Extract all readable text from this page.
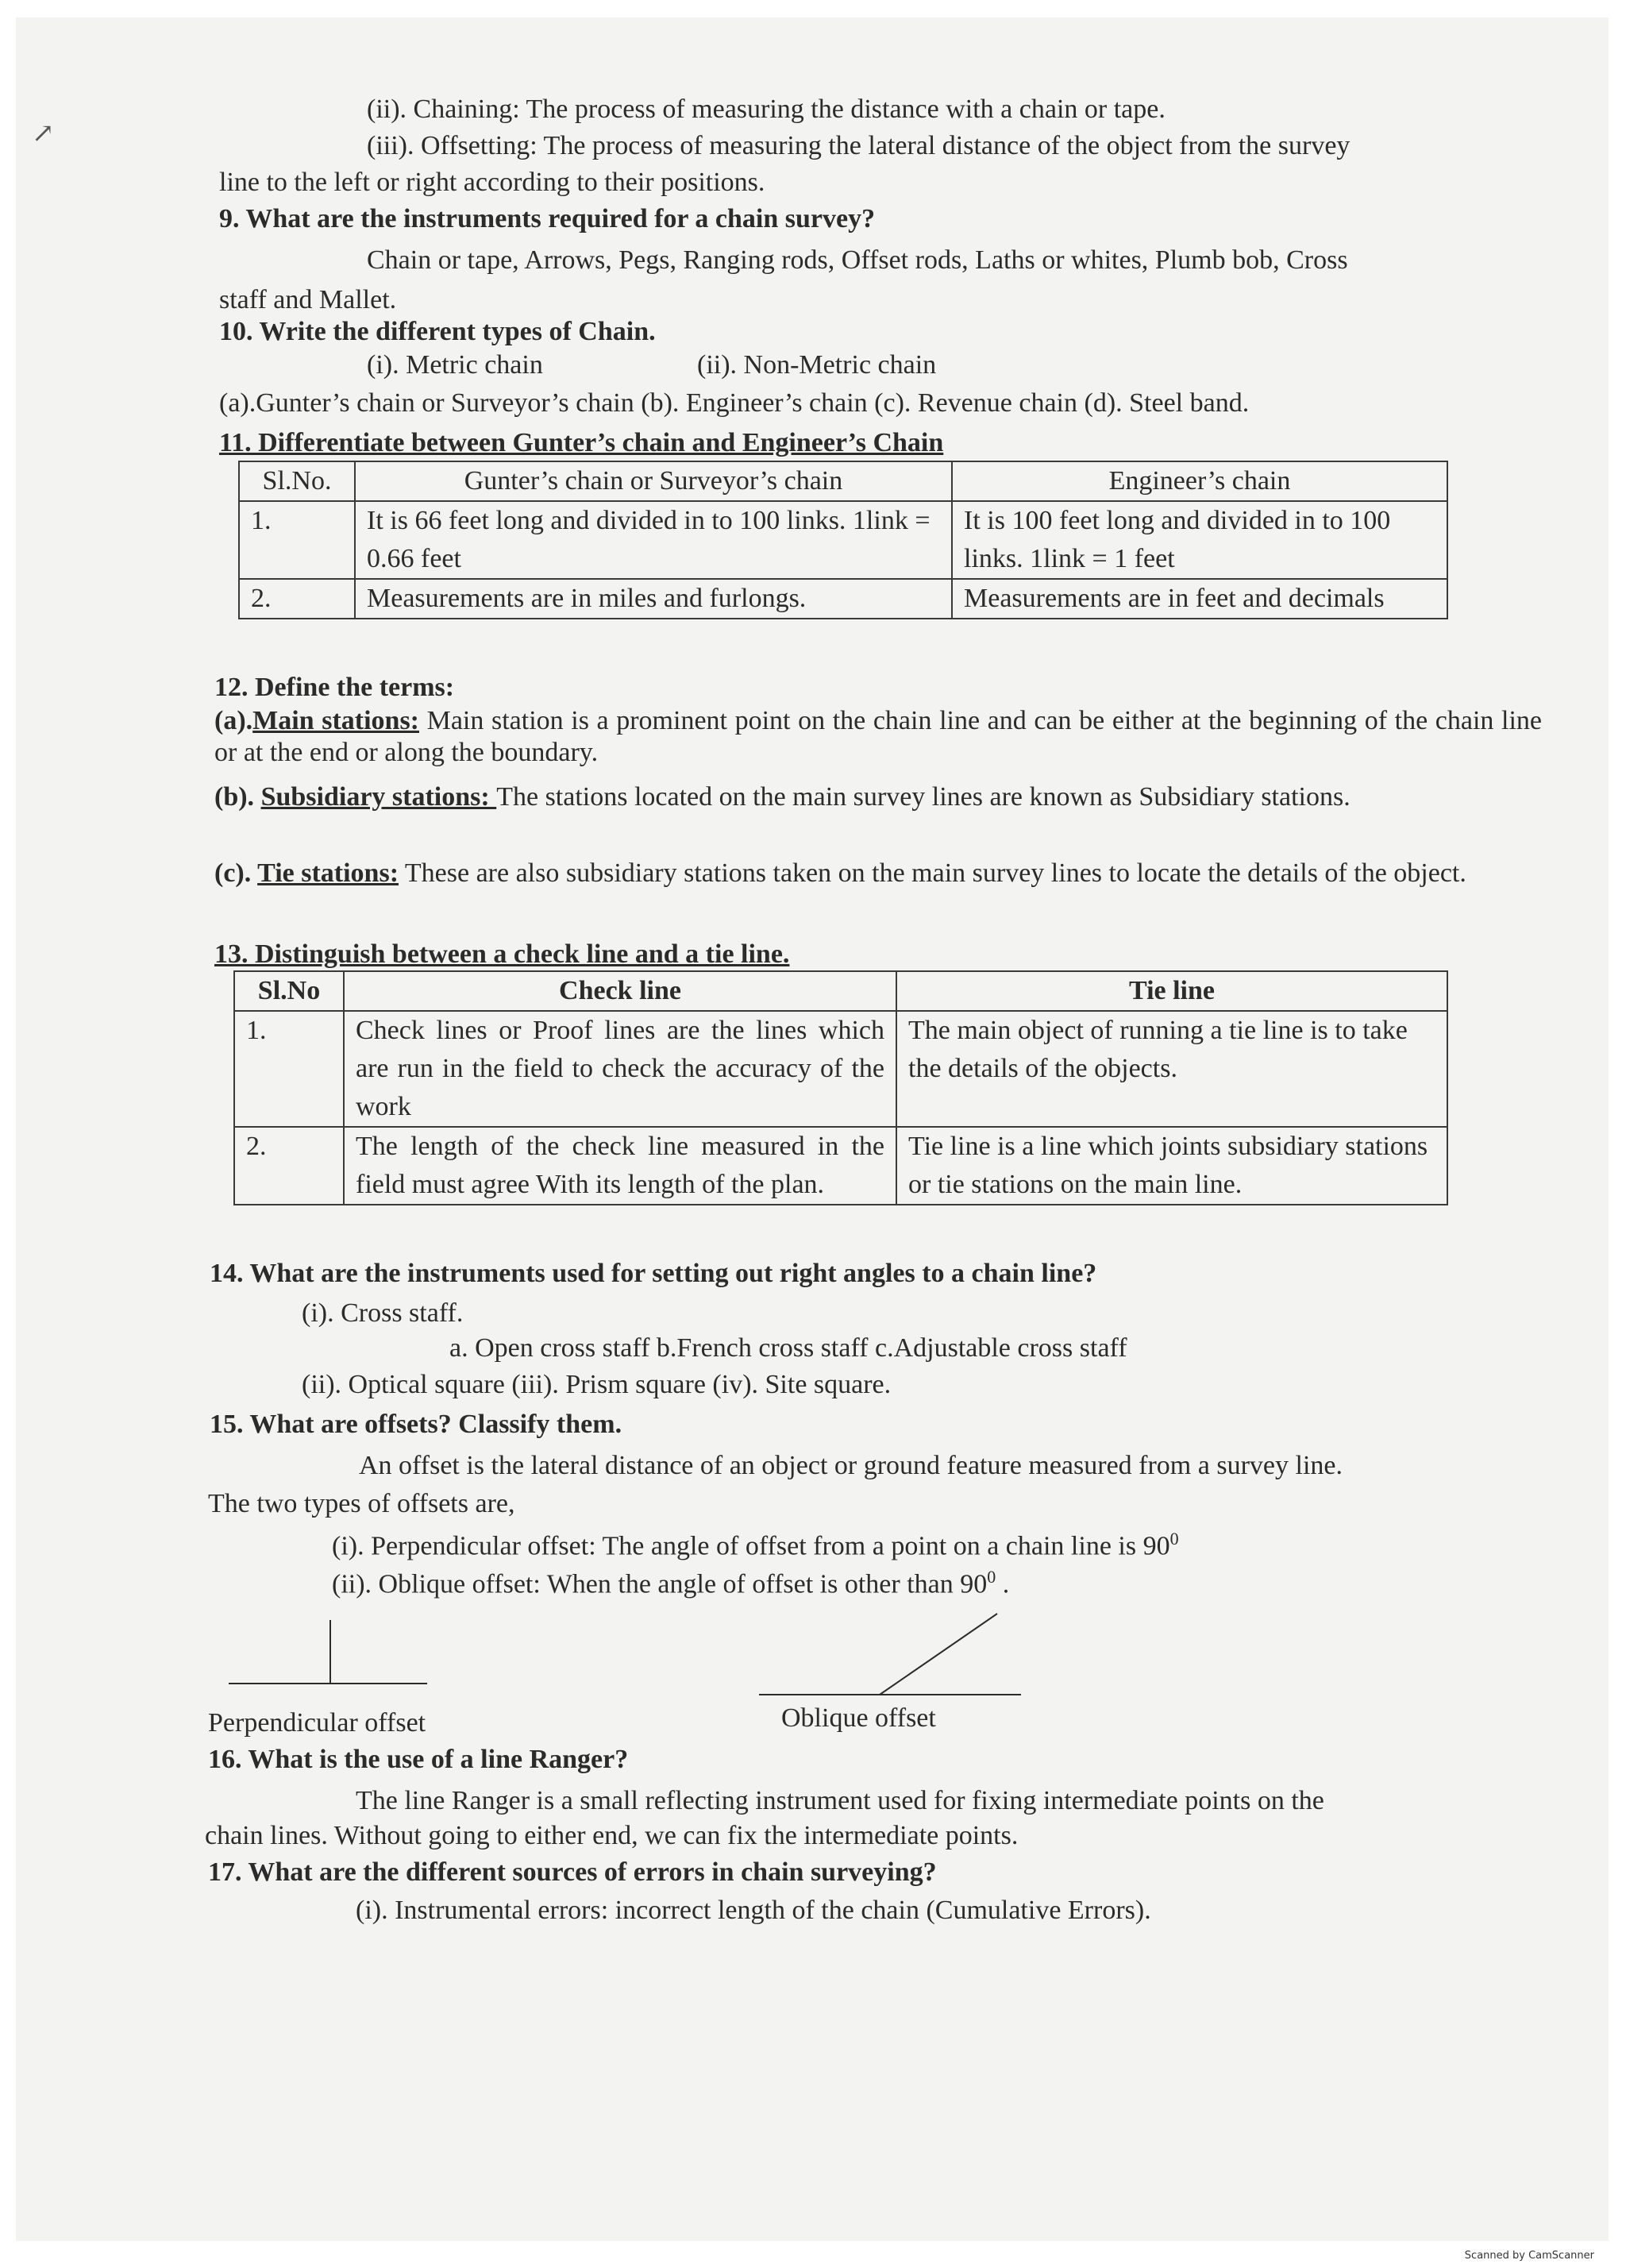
↗
(ii). Chaining: The process of measuring the distance with a chain or tape.
(iii). Offsetting: The process of measuring the lateral distance of the object from the survey
line to the left or right according to their positions.
9. What are the instruments required for a chain survey?
Chain or tape, Arrows, Pegs, Ranging rods, Offset rods, Laths or whites, Plumb bob, Cross
staff and Mallet.
10. Write the different types of Chain.
(i). Metric chain	(ii). Non-Metric chain
(a).Gunter’s chain or Surveyor’s chain (b). Engineer’s chain (c). Revenue chain (d). Steel band.
11. Differentiate between Gunter’s chain and Engineer’s Chain
Sl.No.	Gunter’s chain or Surveyor’s chain	Engineer’s chain
1.	It is 66 feet long and divided in to 100 links. 1link = 0.66 feet	It is 100 feet long and divided in to 100 links. 1link = 1 feet
2.	Measurements are in miles and furlongs.	Measurements are in feet and decimals
12. Define the terms:
(a).Main stations: Main station is a prominent point on the chain line and can be either at the beginning of the chain line or at the end or along the boundary.
(b). Subsidiary stations: The stations located on the main survey lines are known as Subsidiary stations.
(c). Tie stations: These are also subsidiary stations taken on the main survey lines to locate the details of the object.
13. Distinguish between a check line and a tie line.
Sl.No	Check line	Tie line
1.	Check lines or Proof lines are the lines which are run in the field to check the accuracy of the work	The main object of running a tie line is to take the details of the objects.
2.	The length of the check line measured in the field must agree With its length of the plan.	Tie line is a line which joints subsidiary stations or tie stations on the main line.
14. What are the instruments used for setting out right angles to a chain line?
(i). Cross staff.
a. Open cross staff b.French cross staff c.Adjustable cross staff
(ii). Optical square (iii). Prism square (iv). Site square.
15. What are offsets? Classify them.
An offset is the lateral distance of an object or ground feature measured from a survey line.
The two types of offsets are,
(i). Perpendicular offset: The angle of offset from a point on a chain line is $90^0$
(ii). Oblique offset: When the angle of offset is other than $90^0$ .
Perpendicular offset	Oblique offset
16. What is the use of a line Ranger?
The line Ranger is a small reflecting instrument used for fixing intermediate points on the
chain lines. Without going to either end, we can fix the intermediate points.
17. What are the different sources of errors in chain surveying?
(i). Instrumental errors: incorrect length of the chain (Cumulative Errors).
Scanned by CamScanner
